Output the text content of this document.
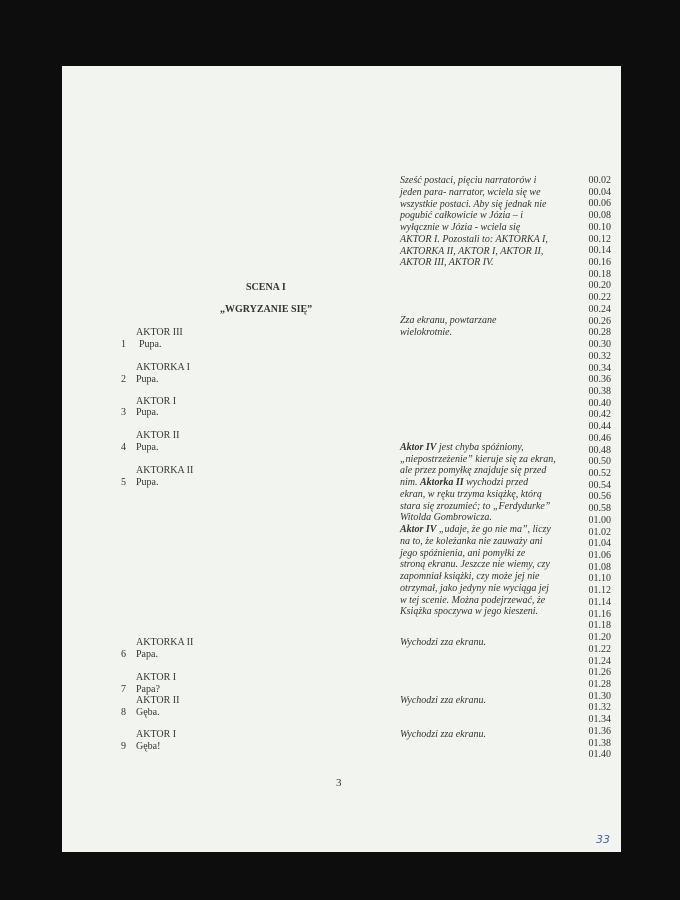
SCENA I
„WGRYZANIE SIĘ”
AKTOR III
1 Pupa.
AKTORKA I
2 Pupa.
AKTOR I
3 Pupa.
AKTOR II
4 Pupa.
AKTORKA II
5 Pupa.
AKTORKA II
6 Papa.
AKTOR I
7 Papa?
AKTOR II
8 Gęba.
AKTOR I
9 Gęba!
Sześć postaci, pięciu narratorów i
jeden para- narrator, wciela się we
wszystkie postaci. Aby się jednak nie
pogubić całkowicie w Józia – i
wyłącznie w Józia - wciela się
AKTOR I. Pozostali to: AKTORKA I,
AKTORKA II, AKTOR I, AKTOR II,
AKTOR III, AKTOR IV.
Zza ekranu, powtarzane
wielokrotnie.
Aktor IV jest chyba spóźniony,
„niepostrzeżenie” kieruje się za ekran,
ale przez pomyłkę znajduje się przed
nim. Aktorka II wychodzi przed
ekran, w ręku trzyma książkę, którą
stara się zrozumieć; to „Ferdydurke”
Witolda Gombrowicza.
Aktor IV „udaje, że go nie ma”, liczy
na to, że koleżanka nie zauważy ani
jego spóźnienia, ani pomyłki ze
stroną ekranu. Jeszcze nie wiemy, czy
zapomniał książki, czy może jej nie
otrzymał, jako jedyny nie wyciąga jej
w tej scenie. Można podejrzewać, że
Książka spoczywa w jego kieszeni.
Wychodzi zza ekranu.
Wychodzi zza ekranu.
Wychodzi zza ekranu.
00.02
00.04
00.06
00.08
00.10
00.12
00.14
00.16
00.18
00.20
00.22
00.24
00.26
00.28
00.30
00.32
00.34
00.36
00.38
00.40
00.42
00.44
00.46
00.48
00.50
00.52
00.54
00.56
00.58
01.00
01.02
01.04
01.06
01.08
01.10
01.12
01.14
01.16
01.18
01.20
01.22
01.24
01.26
01.28
01.30
01.32
01.34
01.36
01.38
01.40
3
33
